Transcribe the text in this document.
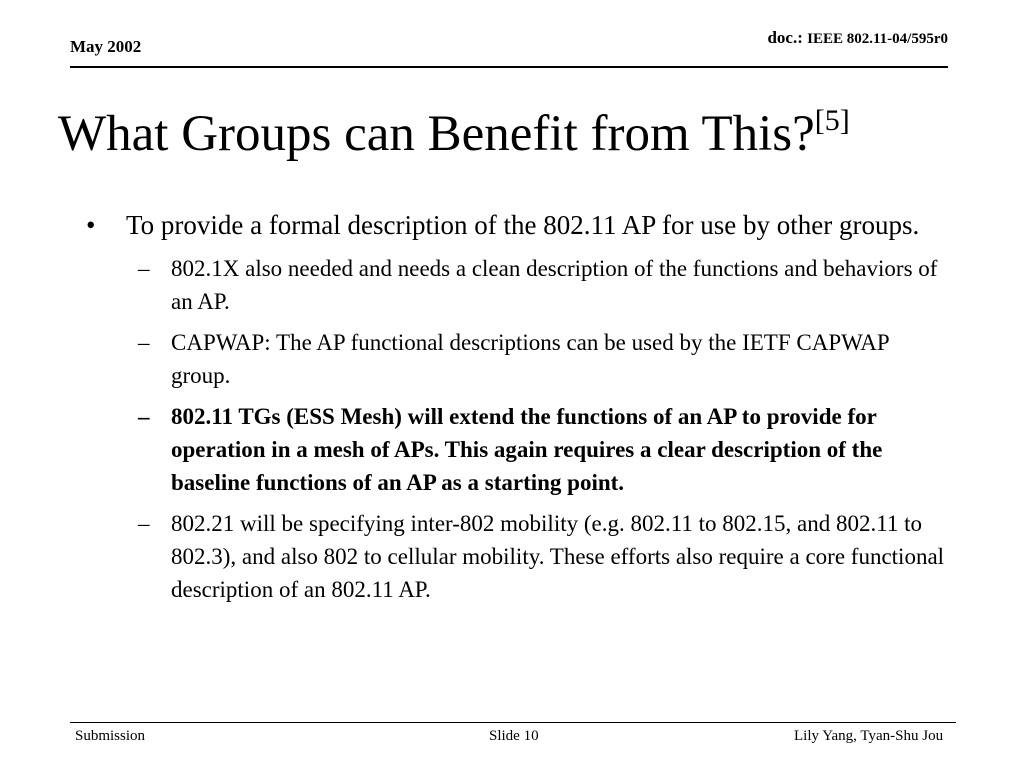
May 2002	doc.: IEEE 802.11-04/595r0
What Groups can Benefit from This?[5]
• To provide a formal description of the 802.11 AP for use by other groups.
– 802.1X also needed and needs a clean description of the functions and behaviors of an AP.
– CAPWAP: The AP functional descriptions can be used by the IETF CAPWAP group.
– 802.11 TGs (ESS Mesh) will extend the functions of an AP to provide for operation in a mesh of APs. This again requires a clear description of the baseline functions of an AP as a starting point.
– 802.21 will be specifying inter-802 mobility (e.g. 802.11 to 802.15, and 802.11 to 802.3), and also 802 to cellular mobility. These efforts also require a core functional description of an 802.11 AP.
Submission	Slide 10	Lily Yang, Tyan-Shu Jou
